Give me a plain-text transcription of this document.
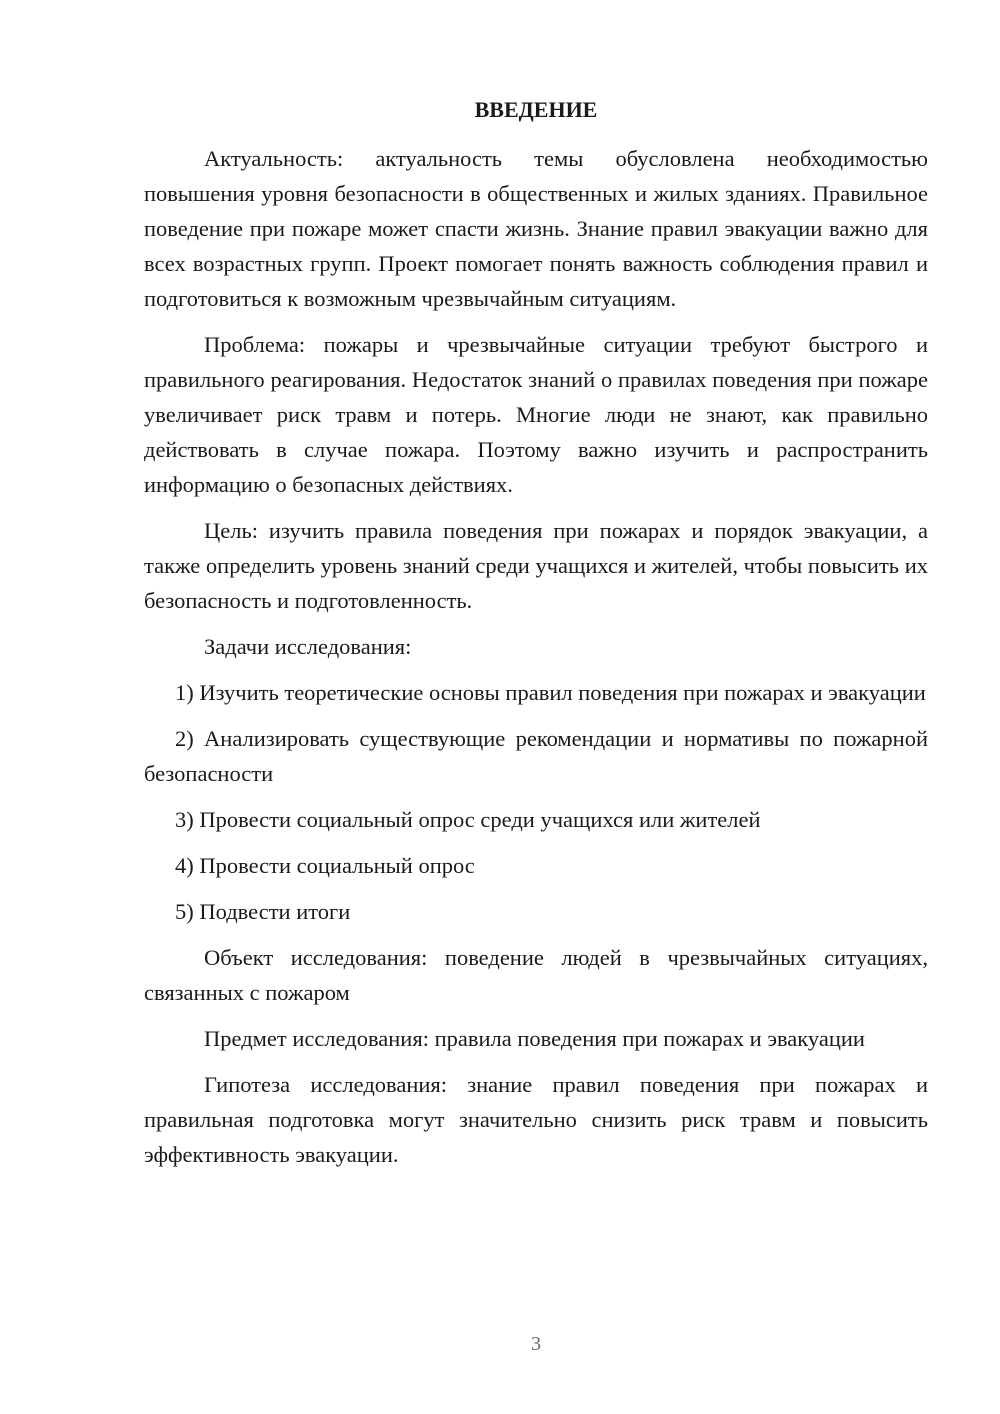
ВВЕДЕНИЕ

Актуальность: актуальность темы обусловлена необходимостью повышения уровня безопасности в общественных и жилых зданиях. Правильное поведение при пожаре может спасти жизнь. Знание правил эвакуации важно для всех возрастных групп. Проект помогает понять важность соблюдения правил и подготовиться к возможным чрезвычайным ситуациям.

Проблема: пожары и чрезвычайные ситуации требуют быстрого и правильного реагирования. Недостаток знаний о правилах поведения при пожаре увеличивает риск травм и потерь. Многие люди не знают, как правильно действовать в случае пожара. Поэтому важно изучить и распространить информацию о безопасных действиях.

Цель: изучить правила поведения при пожарах и порядок эвакуации, а также определить уровень знаний среди учащихся и жителей, чтобы повысить их безопасность и подготовленность.

Задачи исследования:

1) Изучить теоретические основы правил поведения при пожарах и эвакуации

2) Анализировать существующие рекомендации и нормативы по пожарной безопасности

3) Провести социальный опрос среди учащихся или жителей

4) Провести социальный опрос

5) Подвести итоги

Объект исследования: поведение людей в чрезвычайных ситуациях, связанных с пожаром

Предмет исследования: правила поведения при пожарах и эвакуации

Гипотеза исследования: знание правил поведения при пожарах и правильная подготовка могут значительно снизить риск травм и повысить эффективность эвакуации.

3
